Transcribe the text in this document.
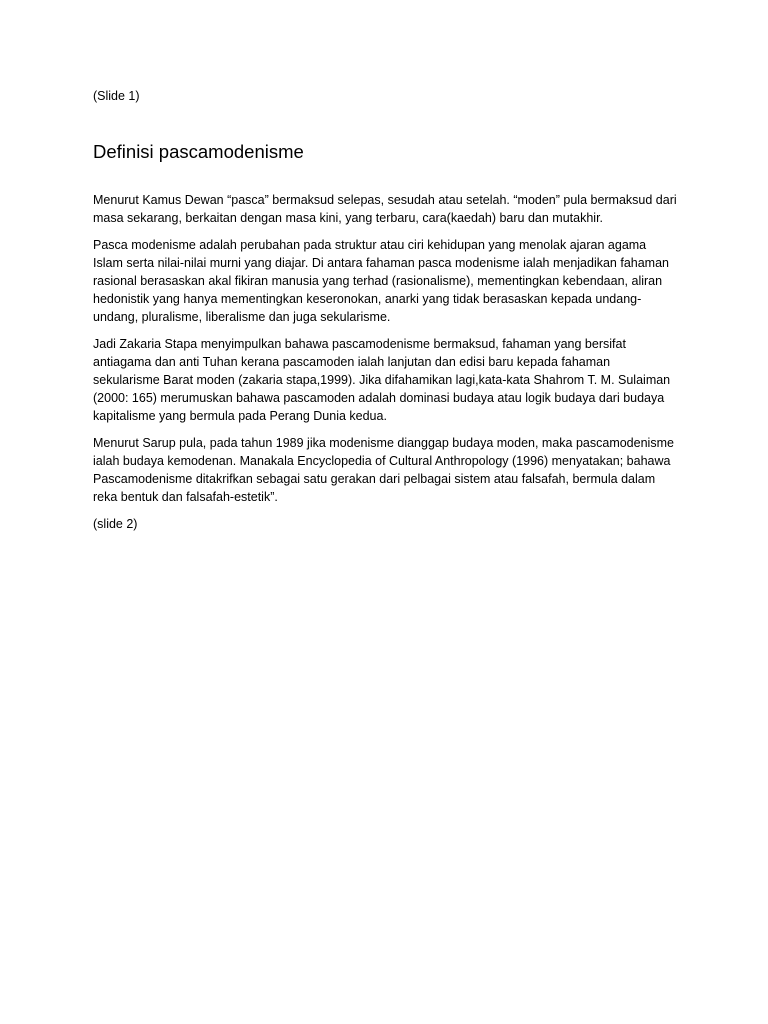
(Slide 1)

Definisi pascamodenisme

Menurut Kamus Dewan “pasca” bermaksud selepas, sesudah atau setelah. “moden” pula bermaksud dari masa sekarang, berkaitan dengan masa kini, yang terbaru, cara(kaedah) baru dan mutakhir.

Pasca modenisme adalah perubahan pada struktur atau ciri kehidupan yang menolak ajaran agama Islam serta nilai-nilai murni yang diajar. Di antara fahaman pasca modenisme ialah menjadikan fahaman rasional berasaskan akal fikiran manusia yang terhad (rasionalisme), mementingkan kebendaan, aliran hedonistik yang hanya mementingkan keseronokan, anarki yang tidak berasaskan kepada undang-undang, pluralisme, liberalisme dan juga sekularisme.

Jadi Zakaria Stapa menyimpulkan bahawa pascamodenisme bermaksud, fahaman yang bersifat antiagama dan anti Tuhan kerana pascamoden ialah lanjutan dan edisi baru kepada fahaman sekularisme Barat moden (zakaria stapa,1999). Jika difahamikan lagi,kata-kata Shahrom T. M. Sulaiman (2000: 165) merumuskan bahawa pascamoden adalah dominasi budaya atau logik budaya dari budaya kapitalisme yang bermula pada Perang Dunia kedua.

Menurut Sarup pula, pada tahun 1989 jika modenisme dianggap budaya moden, maka pascamodenisme ialah budaya kemodenan. Manakala Encyclopedia of Cultural Anthropology (1996) menyatakan; bahawa Pascamodenisme ditakrifkan sebagai satu gerakan dari pelbagai sistem atau falsafah, bermula dalam reka bentuk dan falsafah-estetik”.

(slide 2)
